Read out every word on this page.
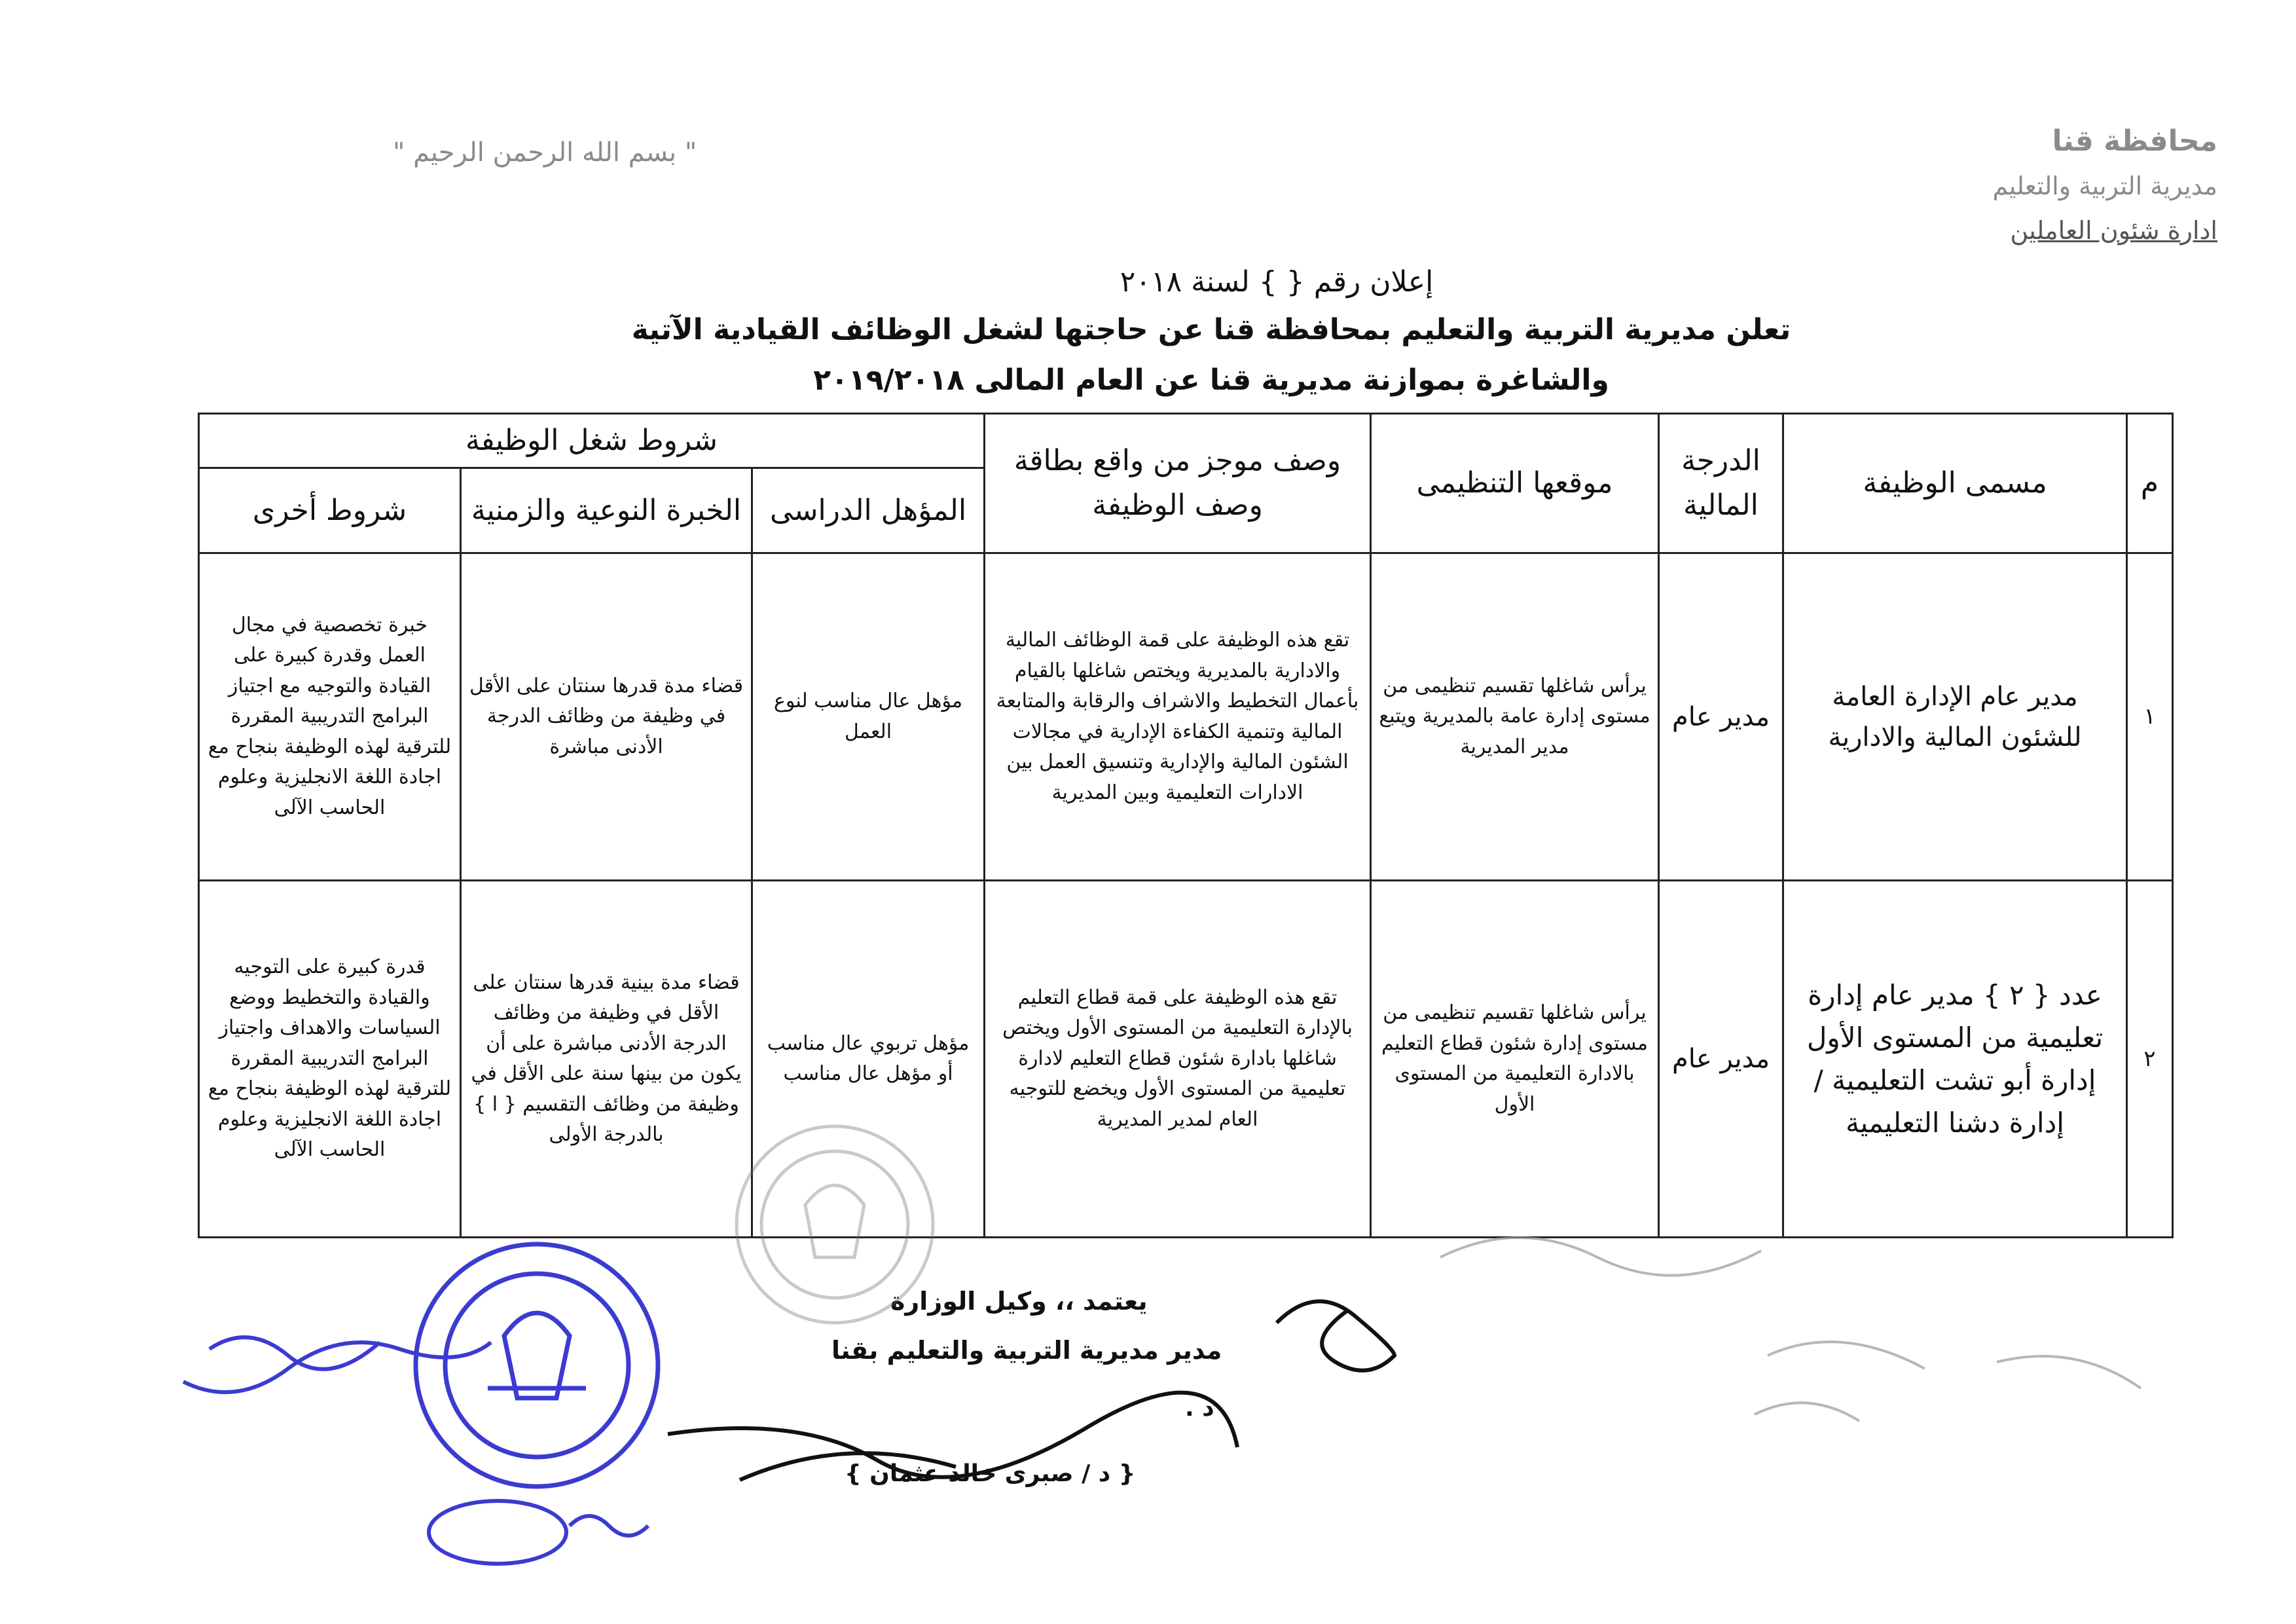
" بسم الله الرحمن الرحيم "	محافظة قنا
مديرية التربية والتعليم
ادارة شئون العاملين
إعلان رقم { } لسنة ٢٠١٨
تعلن مديرية التربية والتعليم بمحافظة قنا عن حاجتها لشغل الوظائف القيادية الآتية
والشاغرة بموازنة مديرية قنا عن العام المالى ٢٠١٩/٢٠١٨
م	مسمى الوظيفة	الدرجة المالية	موقعها التنظيمى	وصف موجز من واقع بطاقة وصف الوظيفة	شروط شغل الوظيفة		
					المؤهل الدراسى	الخبرة النوعية والزمنية	شروط أخرى
١	مدير عام الإدارة العامة للشئون المالية والادارية	مدير عام	يرأس شاغلها تقسيم تنظيمى من مستوى إدارة عامة بالمديرية ويتبع مدير المديرية	تقع هذه الوظيفة على قمة الوظائف المالية والادارية بالمديرية ويختص شاغلها بالقيام بأعمال التخطيط والاشراف والرقابة والمتابعة المالية وتنمية الكفاءة الإدارية في مجالات الشئون المالية والإدارية وتنسيق العمل بين الادارات التعليمية وبين المديرية	مؤهل عال مناسب لنوع العمل	قضاء مدة قدرها سنتان على الأقل في وظيفة من وظائف الدرجة الأدنى مباشرة	خبرة تخصصية في مجال العمل وقدرة كبيرة على القيادة والتوجيه مع اجتياز البرامج التدريبية المقررة للترقية لهذه الوظيفة بنجاح مع اجادة اللغة الانجليزية وعلوم الحاسب الآلى
٢	عدد { ٢ } مدير عام إدارة تعليمية من المستوى الأول إدارة أبو تشت التعليمية / إدارة دشنا التعليمية	مدير عام	يرأس شاغلها تقسيم تنظيمى من مستوى إدارة شئون قطاع التعليم بالادارة التعليمية من المستوى الأول	تقع هذه الوظيفة على قمة قطاع التعليم بالإدارة التعليمية من المستوى الأول ويختص شاغلها بادارة شئون قطاع التعليم لادارة تعليمية من المستوى الأول ويخضع للتوجيه العام لمدير المديرية	مؤهل تربوي عال مناسب أو مؤهل عال مناسب	قضاء مدة بينية قدرها سنتان على الأقل في وظيفة من وظائف الدرجة الأدنى مباشرة على أن يكون من بينها سنة على الأقل في وظيفة من وظائف التقسيم { ا } بالدرجة الأولى	قدرة كبيرة على التوجيه والقيادة والتخطيط ووضع السياسات والاهداف واجتياز البرامج التدريبية المقررة للترقية لهذه الوظيفة بنجاح مع اجادة اللغة الانجليزية وعلوم الحاسب الآلى
يعتمد ،، وكيل الوزارة
مدير مديرية التربية والتعليم بقنا
د .
{ د / صبرى خالد عثمان }
